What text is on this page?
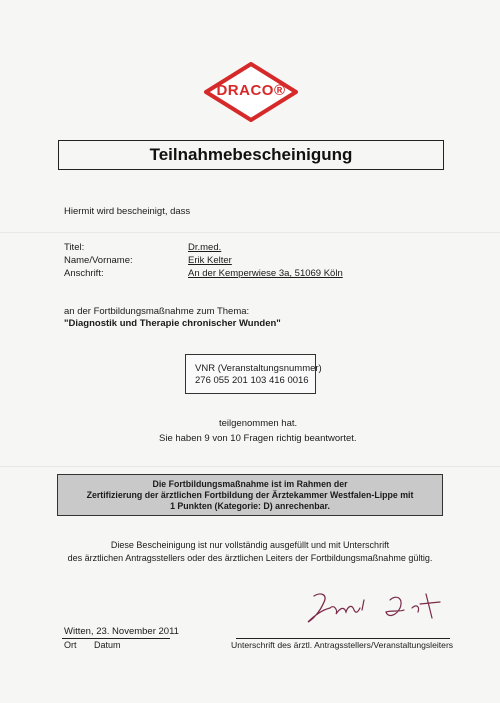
DRACO®
Teilnahmebescheinigung
Hiermit wird bescheinigt, dass
Titel:	Dr.med.
Name/Vorname:	Erik Kelter
Anschrift:	An der Kemperwiese 3a, 51069 Köln
an der Fortbildungsmaßnahme zum Thema:
"Diagnostik und Therapie chronischer Wunden"
VNR (Veranstaltungsnummer)
276 055 201 103 416 0016
teilgenommen hat.
Sie haben 9 von 10 Fragen richtig beantwortet.
Die Fortbildungsmaßnahme ist im Rahmen der
Zertifizierung der ärztlichen Fortbildung der Ärztekammer Westfalen-Lippe mit
1 Punkten (Kategorie: D) anrechenbar.
Diese Bescheinigung ist nur vollständig ausgefüllt und mit Unterschrift
des ärztlichen Antragsstellers oder des ärztlichen Leiters der Fortbildungsmaßnahme gültig.
Witten, 23. November 2011
Ort Datum	Unterschrift des ärztl. Antragsstellers/Veranstaltungsleiters
